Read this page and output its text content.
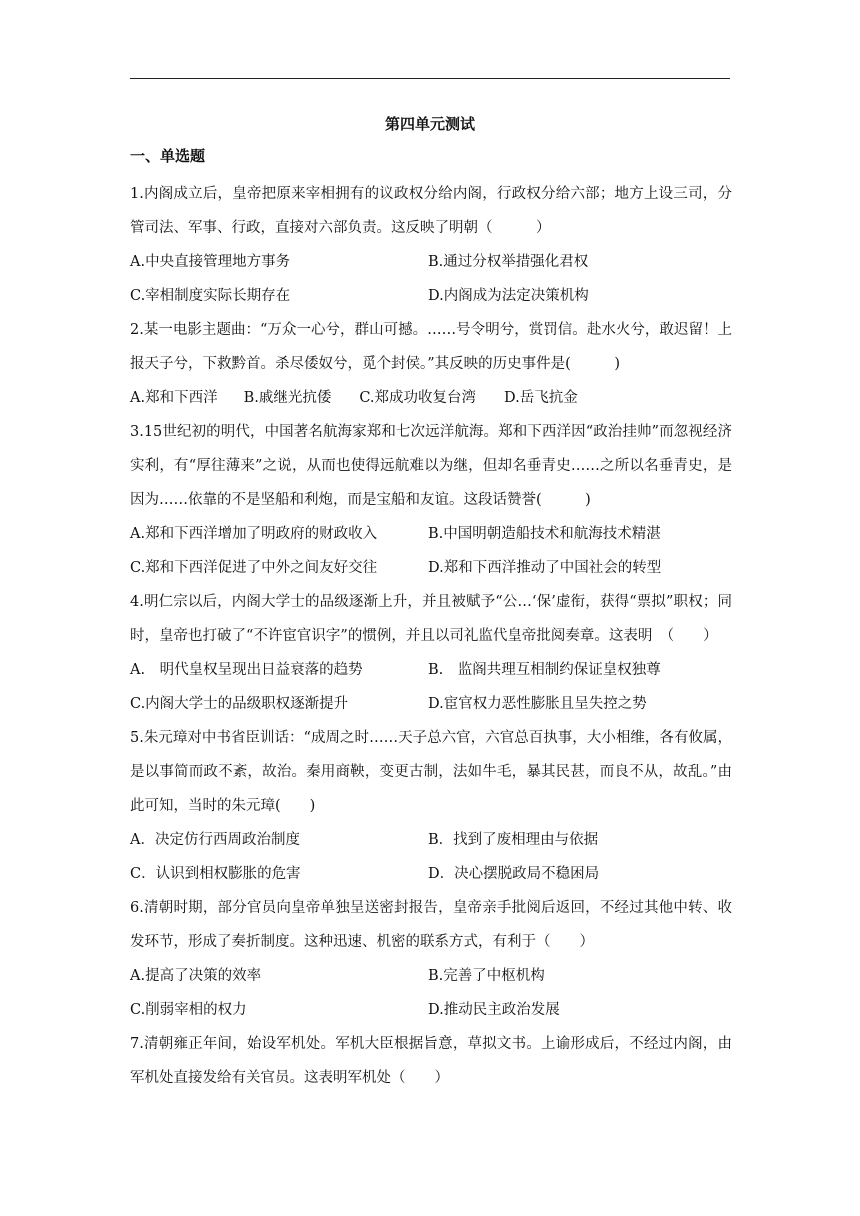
第四单元测试
一、单选题
1.内阁成立后，皇帝把原来宰相拥有的议政权分给内阁，行政权分给六部；地方上设三司，分管司法、军事、行政，直接对六部负责。这反映了明朝（　　　）
A.中央直接管理地方事务	B.通过分权举措强化君权
C.宰相制度实际长期存在	D.内阁成为法定决策机构
2.某一电影主题曲：“万众一心兮，群山可撼。……号令明兮，赏罚信。赴水火兮，敢迟留！上报天子兮，下救黔首。杀尽倭奴兮，觅个封侯。”其反映的历史事件是(　　　)
A.郑和下西洋 B.戚继光抗倭 C.郑成功收复台湾 D.岳飞抗金
3.15世纪初的明代，中国著名航海家郑和七次远洋航海。郑和下西洋因“政治挂帅”而忽视经济实利，有“厚往薄来”之说，从而也使得远航难以为继，但却名垂青史……之所以名垂青史，是因为……依靠的不是坚船和利炮，而是宝船和友谊。这段话赞誉(　　　)
A.郑和下西洋增加了明政府的财政收入	B.中国明朝造船技术和航海技术精湛
C.郑和下西洋促进了中外之间友好交往	D.郑和下西洋推动了中国社会的转型
4.明仁宗以后，内阁大学士的品级逐渐上升，并且被赋予“公…‘保’虚衔，获得“票拟”职权；同时，皇帝也打破了“不许宦官识字”的惯例，并且以司礼监代皇帝批阅奏章。这表明　（　　）
A.　明代皇权呈现出日益衰落的趋势	B.　监阁共理互相制约保证皇权独尊
C.内阁大学士的品级职权逐渐提升	D.宦官权力恶性膨胀且呈失控之势
5.朱元璋对中书省臣训话：“成周之时……天子总六官，六官总百执事，大小相维，各有攸属，是以事简而政不紊，故治。秦用商鞅，变更古制，法如牛毛，暴其民甚，而良不从，故乱。”由此可知，当时的朱元璋(　　)
A．决定仿行西周政治制度	B．找到了废相理由与依据
C．认识到相权膨胀的危害	D．决心摆脱政局不稳困局
6.清朝时期，部分官员向皇帝单独呈送密封报告，皇帝亲手批阅后返回，不经过其他中转、收发环节，形成了奏折制度。这种迅速、机密的联系方式，有利于（　　）
A.提高了决策的效率	B.完善了中枢机构
C.削弱宰相的权力	D.推动民主政治发展
7.清朝雍正年间，始设军机处。军机大臣根据旨意，草拟文书。上谕形成后，不经过内阁，由军机处直接发给有关官员。这表明军机处（　　）
